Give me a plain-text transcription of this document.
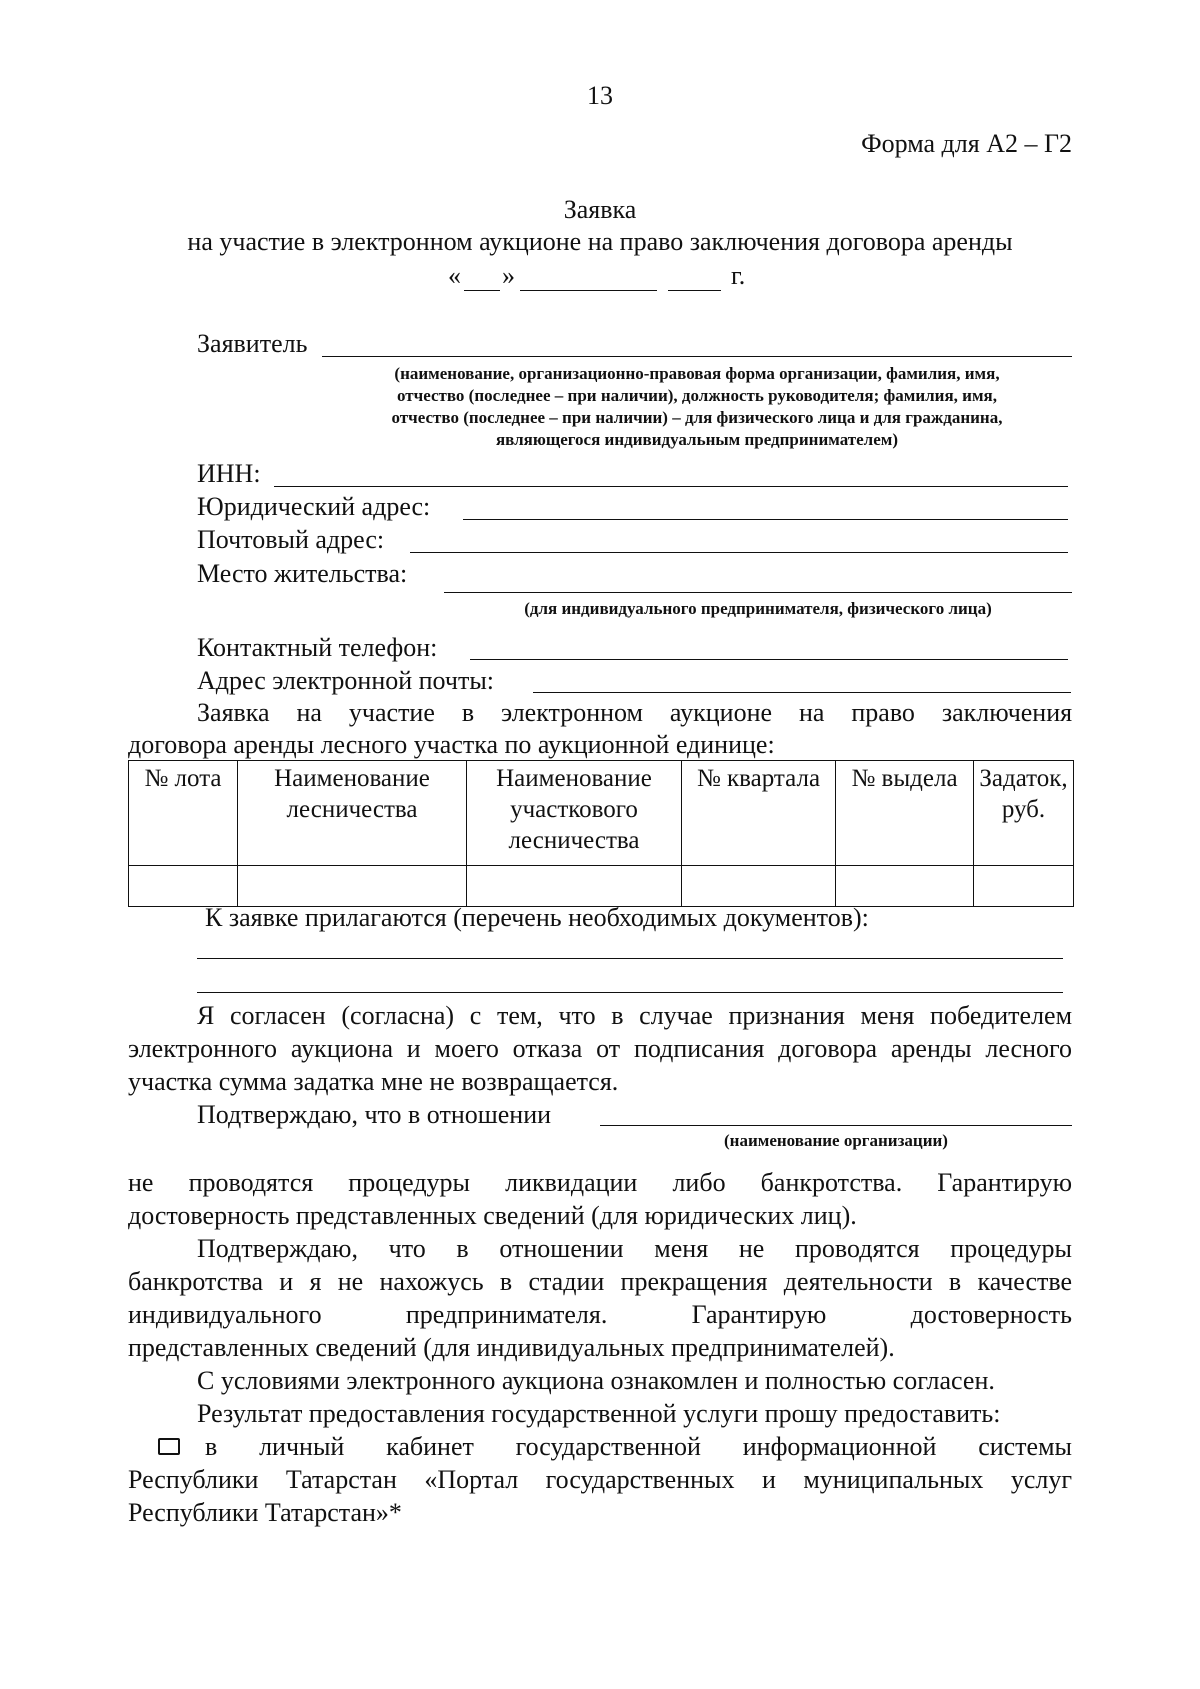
13
Форма для А2 – Г2
Заявка
на участие в электронном аукционе на право заключения договора аренды
« »	г.
Заявитель
(наименование, организационно-правовая форма организации, фамилия, имя,
отчество (последнее – при наличии), должность руководителя; фамилия, имя,
отчество (последнее – при наличии) – для физического лица и для гражданина,
являющегося индивидуальным предпринимателем)
ИНН:
Юридический адрес:
Почтовый адрес:
Место жительства:
(для индивидуального предпринимателя, физического лица)
Контактный телефон:
Адрес электронной почты:
Заявка на участие в электронном аукционе на право заключения
договора аренды лесного участка по аукционной единице:
№ лота	Наименование лесничества	Наименование участкового лесничества	№ квартала	№ выдела	Задаток, руб.

К заявке прилагаются (перечень необходимых документов):
Я согласен (согласна) с тем, что в случае признания меня победителем
электронного аукциона и моего отказа от подписания договора аренды лесного
участка сумма задатка мне не возвращается.
Подтверждаю, что в отношении
(наименование организации)
не проводятся процедуры ликвидации либо банкротства. Гарантирую
достоверность представленных сведений (для юридических лиц).
Подтверждаю, что в отношении меня не проводятся процедуры
банкротства и я не нахожусь в стадии прекращения деятельности в качестве
индивидуального	предпринимателя.	Гарантирую	достоверность
представленных сведений (для индивидуальных предпринимателей).
С условиями электронного аукциона ознакомлен и полностью согласен.
Результат предоставления государственной услуги прошу предоставить:
в личный кабинет государственной информационной системы
Республики Татарстан «Портал государственных и муниципальных услуг
Республики Татарстан»*
